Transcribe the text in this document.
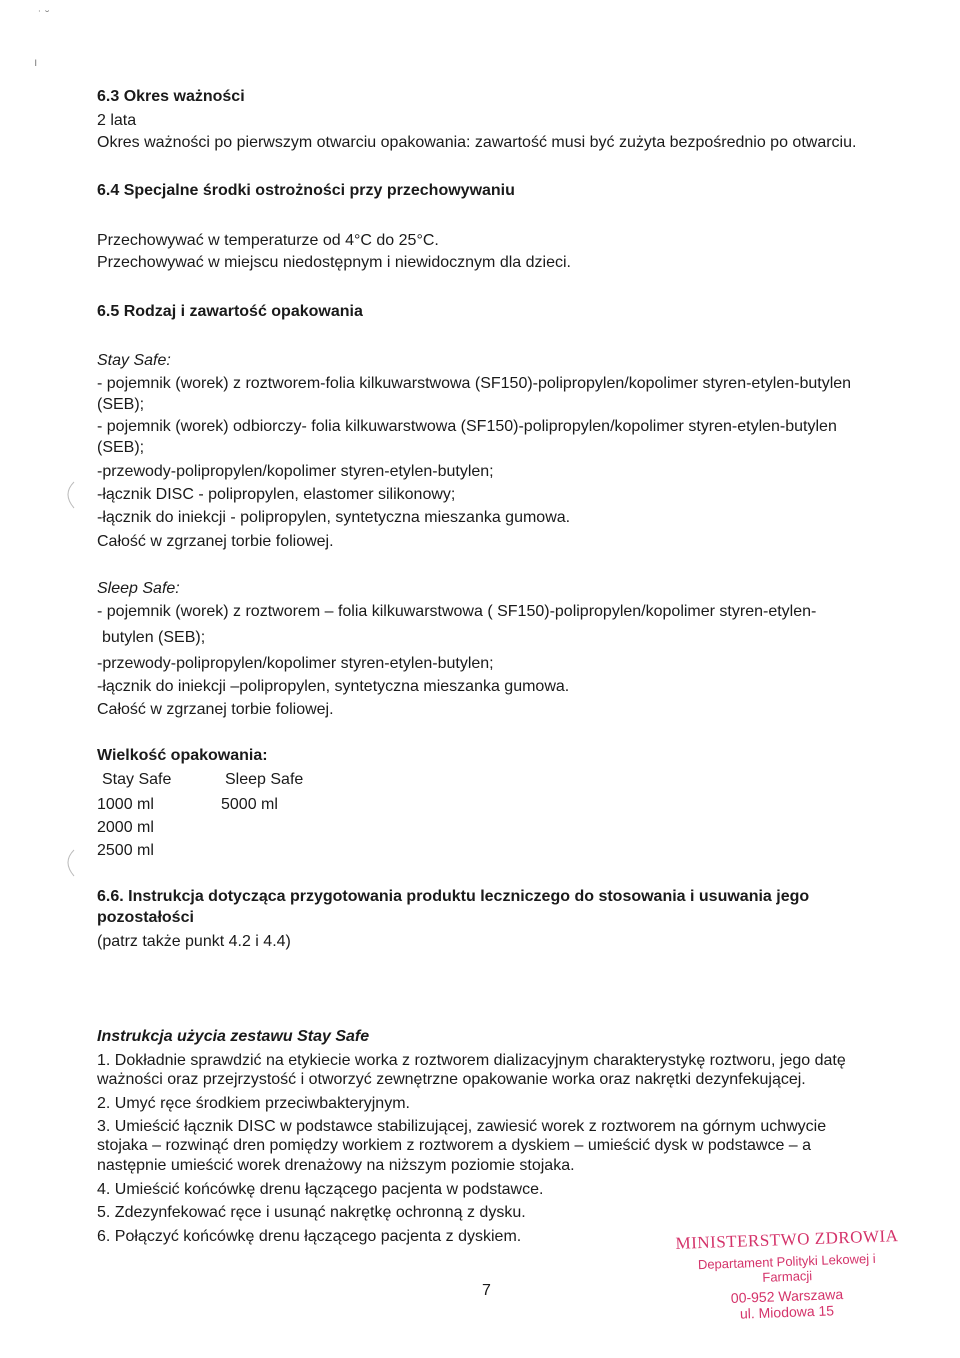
6.3 Okres ważności

2 lata

Okres ważności po pierwszym otwarciu opakowania: zawartość musi być zużyta bezpośrednio po otwarciu.

6.4 Specjalne środki ostrożności przy przechowywaniu

Przechowywać w temperaturze od 4°C do 25°C.

Przechowywać w miejscu niedostępnym i niewidocznym dla dzieci.

6.5 Rodzaj i zawartość opakowania

Stay Safe:

- pojemnik (worek) z roztworem-folia kilkuwarstwowa (SF150)-polipropylen/kopolimer styren-etylen-butylen

(SEB);

- pojemnik (worek) odbiorczy- folia kilkuwarstwowa (SF150)-polipropylen/kopolimer styren-etylen-butylen

(SEB);

-przewody-polipropylen/kopolimer styren-etylen-butylen;

-łącznik DISC - polipropylen, elastomer silikonowy;

-łącznik do iniekcji - polipropylen, syntetyczna mieszanka gumowa.

Całość w zgrzanej torbie foliowej.

Sleep Safe:

- pojemnik (worek) z roztworem – folia kilkuwarstwowa ( SF150)-polipropylen/kopolimer styren-etylen-

butylen (SEB);

-przewody-polipropylen/kopolimer styren-etylen-butylen;

-łącznik do iniekcji –polipropylen, syntetyczna mieszanka gumowa.

Całość w zgrzanej torbie foliowej.

Wielkość opakowania:

Stay Safe	Sleep Safe

1000 ml	5000 ml

2000 ml

2500 ml

6.6. Instrukcja dotycząca przygotowania produktu leczniczego do stosowania i usuwania jego

pozostałości

(patrz także punkt 4.2 i 4.4)

Instrukcja użycia zestawu Stay Safe

1. Dokładnie sprawdzić na etykiecie worka z roztworem dializacyjnym charakterystykę roztworu, jego datę

ważności oraz przejrzystość i otworzyć zewnętrzne opakowanie worka oraz nakrętki dezynfekującej.

2. Umyć ręce środkiem przeciwbakteryjnym.

3. Umieścić łącznik DISC w podstawce stabilizującej, zawiesić worek z roztworem na górnym uchwycie

stojaka – rozwinąć dren pomiędzy workiem z roztworem a dyskiem – umieścić dysk w podstawce – a

następnie umieścić worek drenażowy na niższym poziomie stojaka.

4. Umieścić końcówkę drenu łączącego pacjenta w podstawce.

5. Zdezynfekować ręce i usunąć nakrętkę ochronną z dysku.

6. Połączyć końcówkę drenu łączącego pacjenta z dyskiem.

7

MINISTERSTWO ZDROWIA
Departament Polityki Lekowej i Farmacji
00-952 Warszawa
ul. Miodowa 15
˙ ˘
ı
